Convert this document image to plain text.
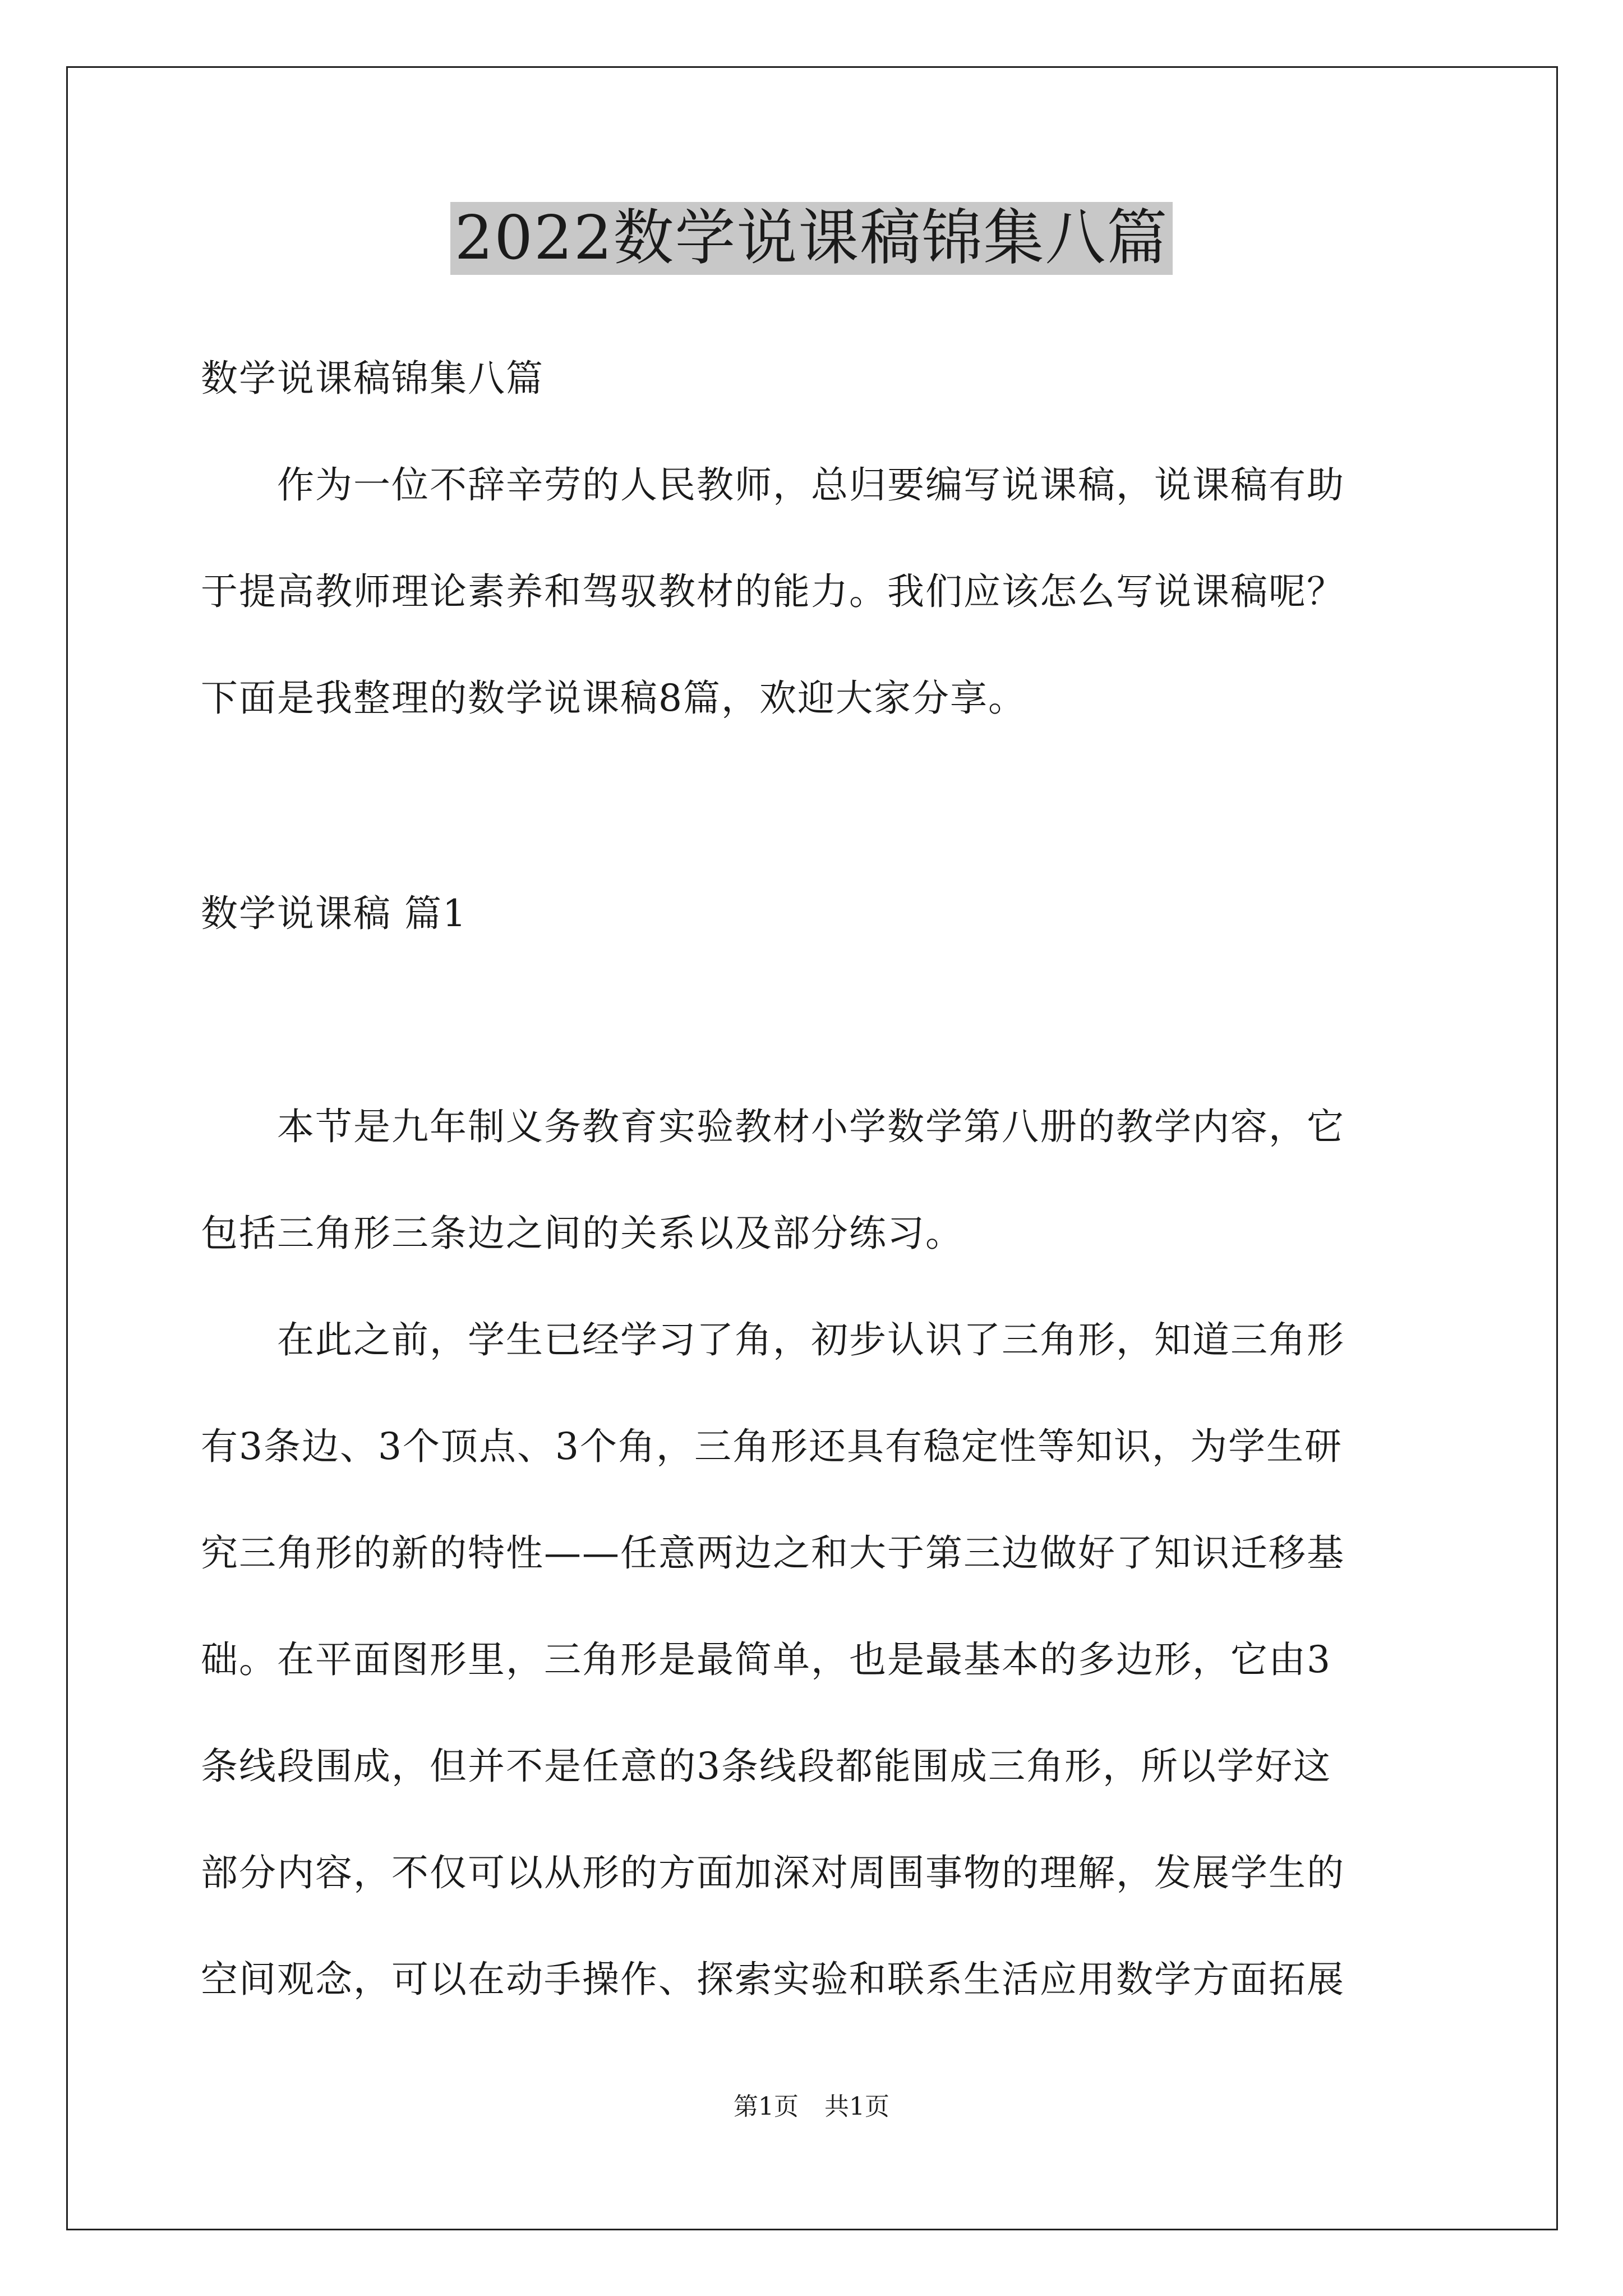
2022数学说课稿锦集八篇
数学说课稿锦集八篇
　　作为一位不辞辛劳的人民教师，总归要编写说课稿，说课稿有助
于提高教师理论素养和驾驭教材的能力。我们应该怎么写说课稿呢？
下面是我整理的数学说课稿8篇，欢迎大家分享。
数学说课稿 篇1
　　本节是九年制义务教育实验教材小学数学第八册的教学内容，它
包括三角形三条边之间的关系以及部分练习。
　　在此之前，学生已经学习了角，初步认识了三角形，知道三角形
有3条边、3个顶点、3个角，三角形还具有稳定性等知识，为学生研
究三角形的新的特性——任意两边之和大于第三边做好了知识迁移基
础。在平面图形里，三角形是最简单，也是最基本的多边形，它由3
条线段围成，但并不是任意的3条线段都能围成三角形，所以学好这
部分内容，不仅可以从形的方面加深对周围事物的理解，发展学生的
空间观念，可以在动手操作、探索实验和联系生活应用数学方面拓展
第1页 共1页
